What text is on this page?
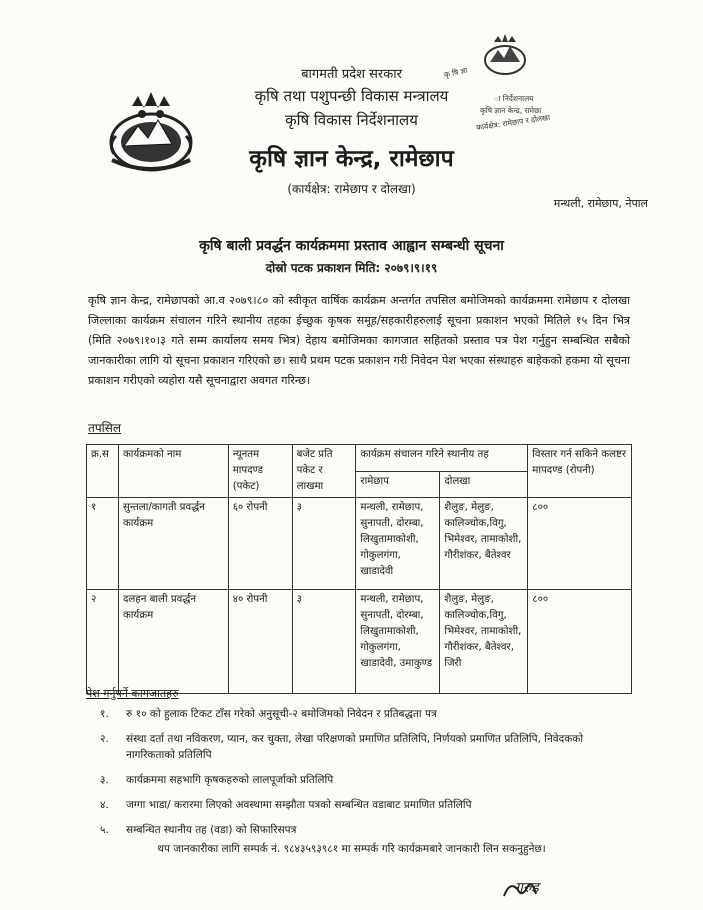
कृ षि ज्ञा
ा निर्देशनालय
कृषि ज्ञान केन्द्र, रामेछा
कार्यक्षेत्र: रामेछाप र दोलखा
बागमती प्रदेश सरकार
कृषि तथा पशुपन्छी विकास मन्त्रालय
कृषि विकास निर्देशनालय
कृषि ज्ञान केन्द्र, रामेछाप
(कार्यक्षेत्र: रामेछाप र दोलखा)
मन्थली, रामेछाप, नेपाल
कृषि बाली प्रवर्द्धन कार्यक्रममा प्रस्ताव आह्वान सम्बन्धी सूचना
दोस्रो पटक प्रकाशन मिति: २०७९।९।१९
कृषि ज्ञान केन्द्र, रामेछापको आ.व २०७९।८० को स्वीकृत वार्षिक कार्यक्रम अन्तर्गत तपसिल बमोजिमको कार्यक्रममा रामेछाप र दोलखा जिल्लाका कार्यक्रम संचालन गरिने स्थानीय तहका ईच्छुक कृषक समूह/सहकारीहरुलाई सूचना प्रकाशन भएको मितिले १५ दिन भित्र (मिति २०७९।१०।३ गते सम्म कार्यालय समय भित्र) देहाय बमोजिमका कागजात सहितको प्रस्ताव पत्र पेश गर्नुहुन सम्बन्धित सबैको जानकारीका लागि यो सूचना प्रकाशन गरिएको छ। साथै प्रथम पटक प्रकाशन गरी निवेदन पेश भएका संस्थाहरु बाहेकको हकमा यो सूचना प्रकाशन गरीएको व्यहोरा यसै सूचनाद्वारा अवगत गरिन्छ।
तपसिल
क्र.स	कार्यक्रमको नाम	न्यूनतम मापदण्ड (पकेट)	बजेट प्रति पकेट र लाखमा	कार्यक्रम संचालन गरिने स्थानीय तह		विस्तार गर्न सकिने कलष्टर मापदण्ड (रोपनी)
				रामेछाप	दोलखा	
१	सुन्तला/कागती प्रवर्द्धन कार्यक्रम	६० रोपनी	३	मन्थली, रामेछाप, सुनापती, दोरम्बा, लिखुतामाकोशी, गोकुलगंगा, खाडादेवी	शैलुङ, मेलुङ, कालिञ्चोक,विगु, भिमेश्वर, तामाकोशी, गौरीशंकर, बैतेश्वर	८००
२	दलहन बाली प्रवर्द्धन कार्यक्रम	४० रोपनी	३	मन्थली, रामेछाप, सुनापती, दोरम्बा, लिखुतामाकोशी, गोकुलगंगा, खाडादेवी, उमाकुण्ड	शैलुङ, मेलुङ, कालिञ्चोक,विगु, भिमेश्वर, तामाकोशी, गौरीशंकर, बैतेश्वर, जिरी	८००
पेश गर्नुपर्ने कागजातहरु
१.	रु १० को हुलाक टिकट टाँस गरेको अनुसूची-२ बमोजिमको निवेदन र प्रतिबद्धता पत्र
२.	संस्था दर्ता तथा नविकरण, प्यान, कर चुक्ता, लेखा परिक्षणको प्रमाणित प्रतिलिपि, निर्णयको प्रमाणित प्रतिलिपि, निवेदकको नागरिकताको प्रतिलिपि
३.	कार्यक्रममा सहभागि कृषकहरुको लालपूर्जाको प्रतिलिपि
४.	जग्गा भाडा/ करारमा लिएको अवस्थामा सम्झौता पत्रको सम्बन्धित वडाबाट प्रमाणित प्रतिलिपि
५.	सम्बन्धित स्थानीय तह (वडा) को सिफारिसपत्र
थप जानकारीका लागि सम्पर्क नं. ९८४३५९३९८१ मा सम्पर्क गरि कार्यक्रमबारे जानकारी लिन सकनुहुनेछ।
गरुड
